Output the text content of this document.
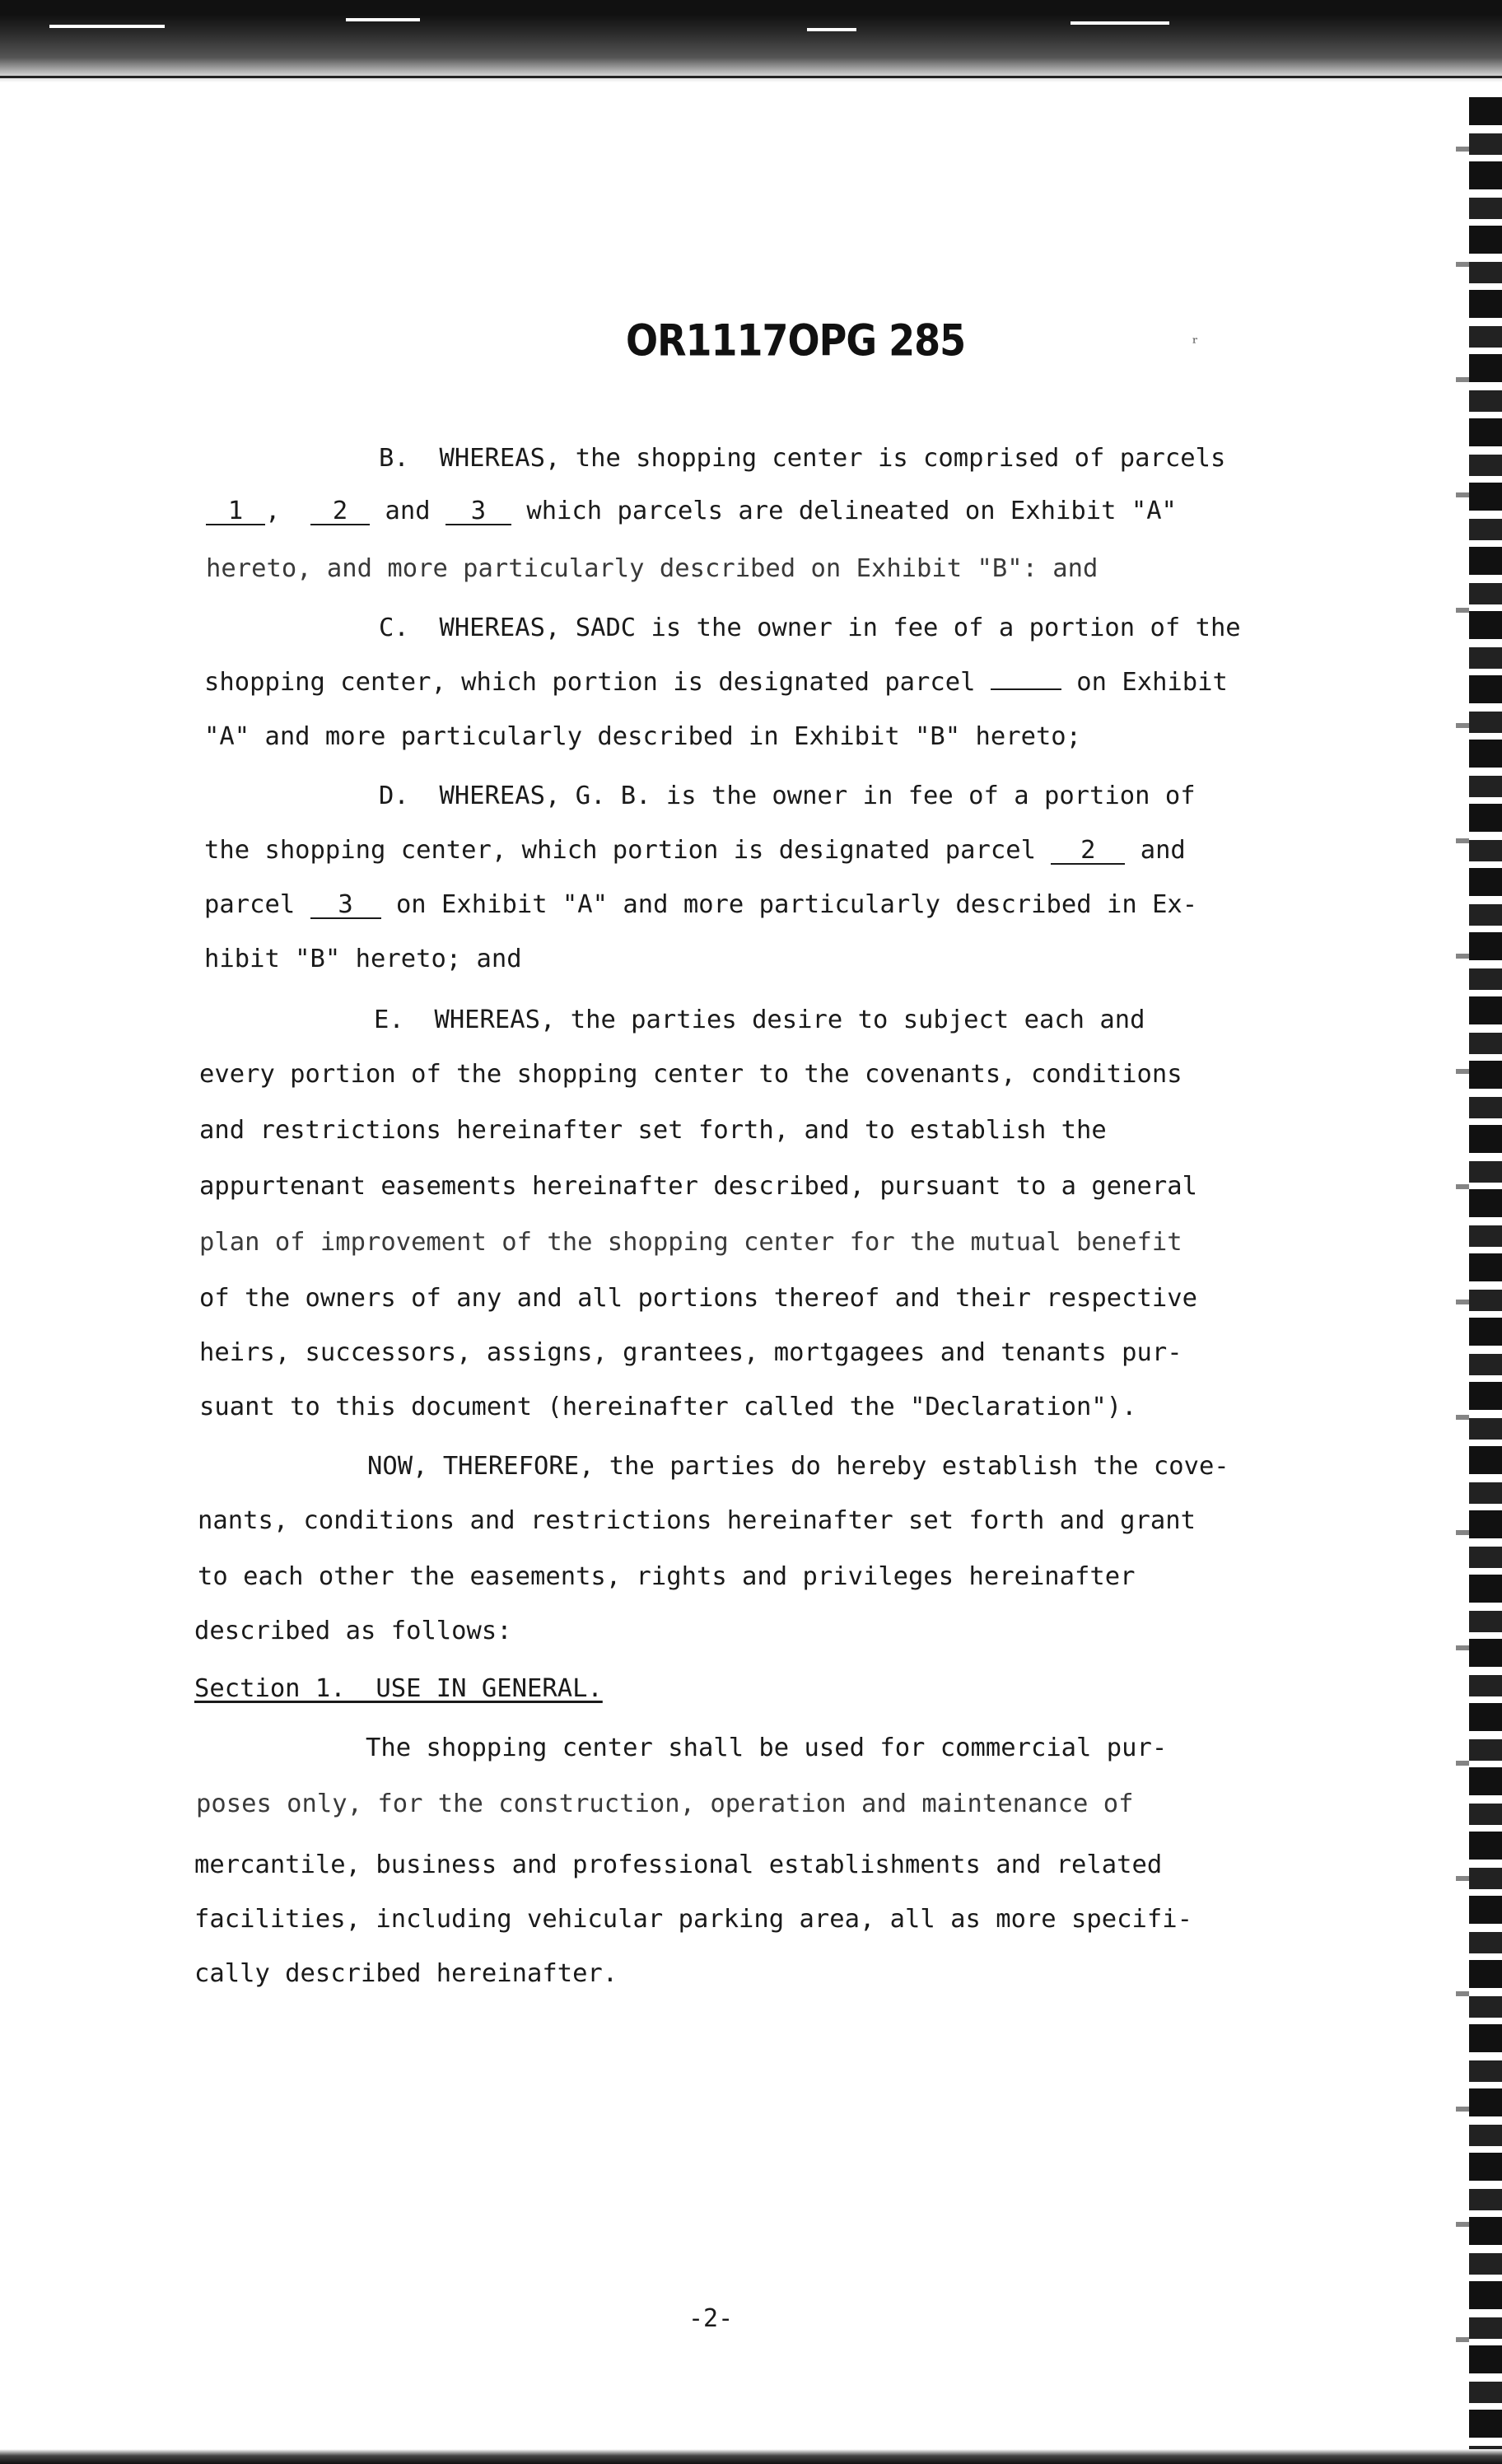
OR1117OPG 285	ʳ
B.  WHEREAS, the shopping center is comprised of parcels
1 , 2 and 3 which parcels are delineated on Exhibit "A"
hereto, and more particularly described on Exhibit "B": and
C.  WHEREAS, SADC is the owner in fee of a portion of the
shopping center, which portion is designated parcel	on Exhibit
"A" and more particularly described in Exhibit "B" hereto;
D.  WHEREAS, G. B. is the owner in fee of a portion of
the shopping center, which portion is designated parcel 2 and
parcel 3 on Exhibit "A" and more particularly described in Ex-
hibit "B" hereto; and
E.  WHEREAS, the parties desire to subject each and
every portion of the shopping center to the covenants, conditions
and restrictions hereinafter set forth, and to establish the
appurtenant easements hereinafter described, pursuant to a general
plan of improvement of the shopping center for the mutual benefit
of the owners of any and all portions thereof and their respective
heirs, successors, assigns, grantees, mortgagees and tenants pur-
suant to this document (hereinafter called the "Declaration").
NOW, THEREFORE, the parties do hereby establish the cove-
nants, conditions and restrictions hereinafter set forth and grant
to each other the easements, rights and privileges hereinafter
described as follows:
Section 1.  USE IN GENERAL.
The shopping center shall be used for commercial pur-
poses only, for the construction, operation and maintenance of
mercantile, business and professional establishments and related
facilities, including vehicular parking area, all as more specifi-
cally described hereinafter.
-2-
